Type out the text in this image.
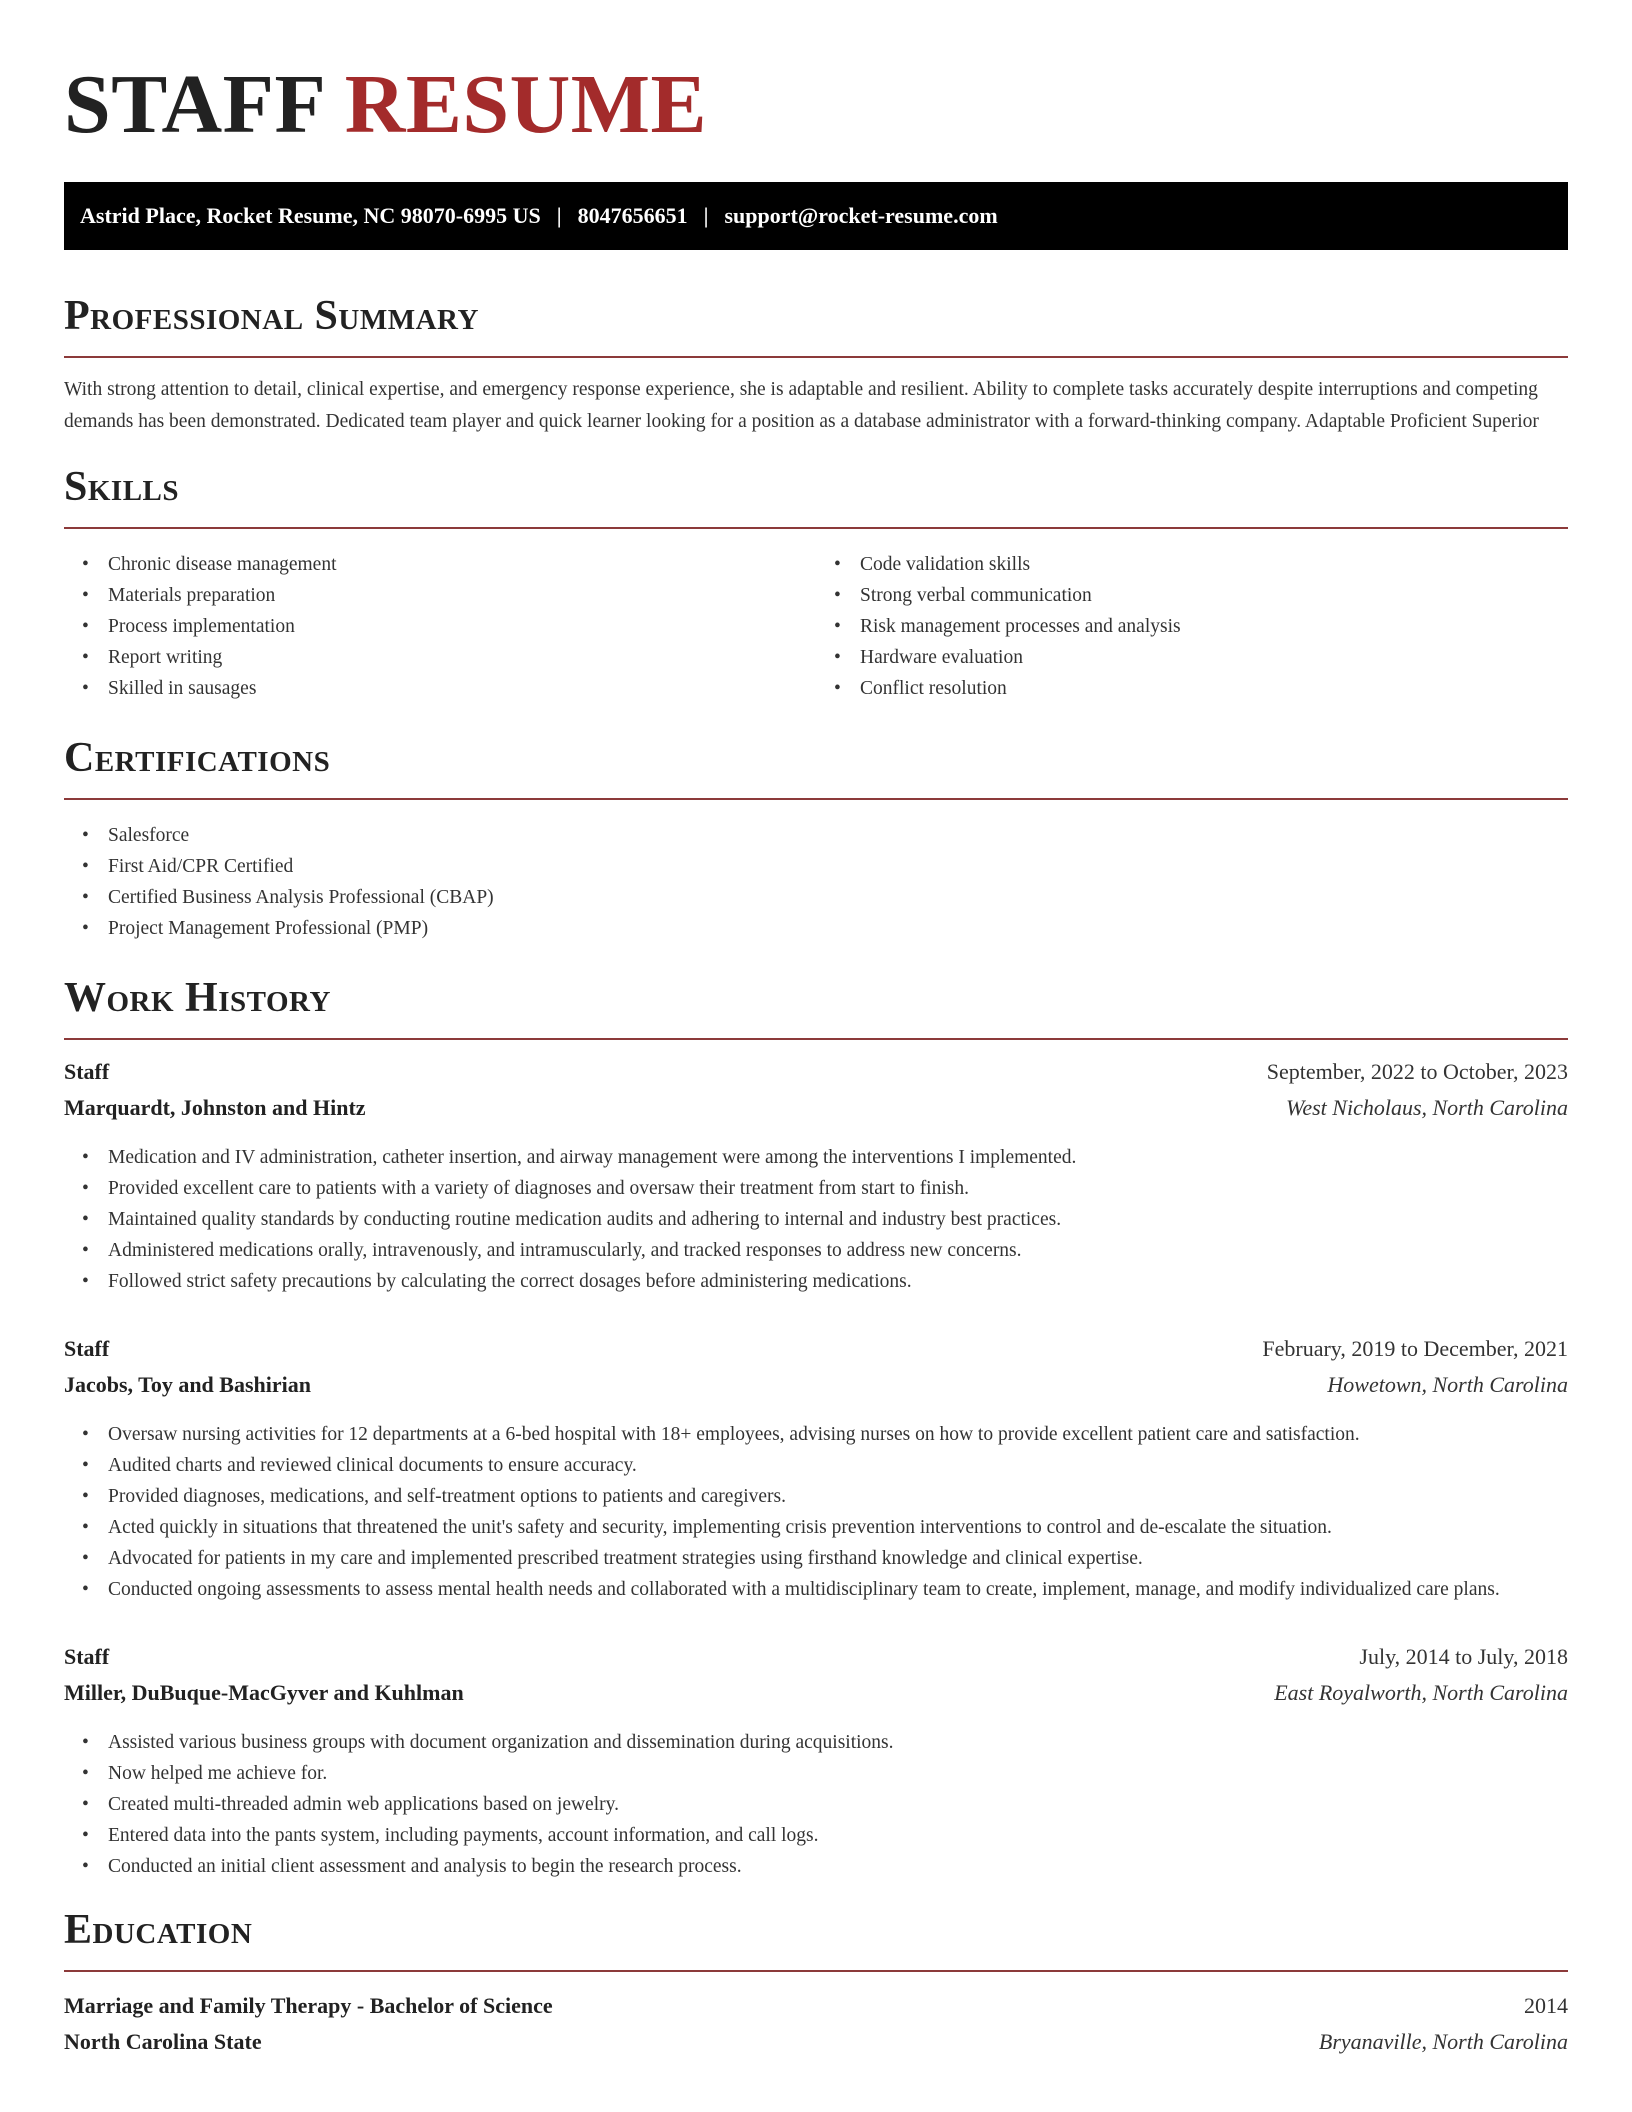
STAFF RESUME
Astrid Place, Rocket Resume, NC 98070-6995 US | 8047656651 | support@rocket-resume.com
Professional Summary

With strong attention to detail, clinical expertise, and emergency response experience, she is adaptable and resilient. Ability to complete tasks accurately despite interruptions and competing demands has been demonstrated. Dedicated team player and quick learner looking for a position as a database administrator with a forward-thinking company. Adaptable Proficient Superior

Skills
• Chronic disease management
• Materials preparation
• Process implementation
• Report writing
• Skilled in sausages
• Code validation skills
• Strong verbal communication
• Risk management processes and analysis
• Hardware evaluation
• Conflict resolution
Certifications
• Salesforce
• First Aid/CPR Certified
• Certified Business Analysis Professional (CBAP)
• Project Management Professional (PMP)
Work History
Staff	September, 2022 to October, 2023
Marquardt, Johnston and Hintz	West Nicholaus, North Carolina
• Medication and IV administration, catheter insertion, and airway management were among the interventions I implemented.
• Provided excellent care to patients with a variety of diagnoses and oversaw their treatment from start to finish.
• Maintained quality standards by conducting routine medication audits and adhering to internal and industry best practices.
• Administered medications orally, intravenously, and intramuscularly, and tracked responses to address new concerns.
• Followed strict safety precautions by calculating the correct dosages before administering medications.
Staff	February, 2019 to December, 2021
Jacobs, Toy and Bashirian	Howetown, North Carolina
• Oversaw nursing activities for 12 departments at a 6-bed hospital with 18+ employees, advising nurses on how to provide excellent patient care and satisfaction.
• Audited charts and reviewed clinical documents to ensure accuracy.
• Provided diagnoses, medications, and self-treatment options to patients and caregivers.
• Acted quickly in situations that threatened the unit's safety and security, implementing crisis prevention interventions to control and de-escalate the situation.
• Advocated for patients in my care and implemented prescribed treatment strategies using firsthand knowledge and clinical expertise.
• Conducted ongoing assessments to assess mental health needs and collaborated with a multidisciplinary team to create, implement, manage, and modify individualized care plans.
Staff	July, 2014 to July, 2018
Miller, DuBuque-MacGyver and Kuhlman	East Royalworth, North Carolina
• Assisted various business groups with document organization and dissemination during acquisitions.
• Now helped me achieve for.
• Created multi-threaded admin web applications based on jewelry.
• Entered data into the pants system, including payments, account information, and call logs.
• Conducted an initial client assessment and analysis to begin the research process.
Education
Marriage and Family Therapy - Bachelor of Science	2014
North Carolina State	Bryanaville, North Carolina
